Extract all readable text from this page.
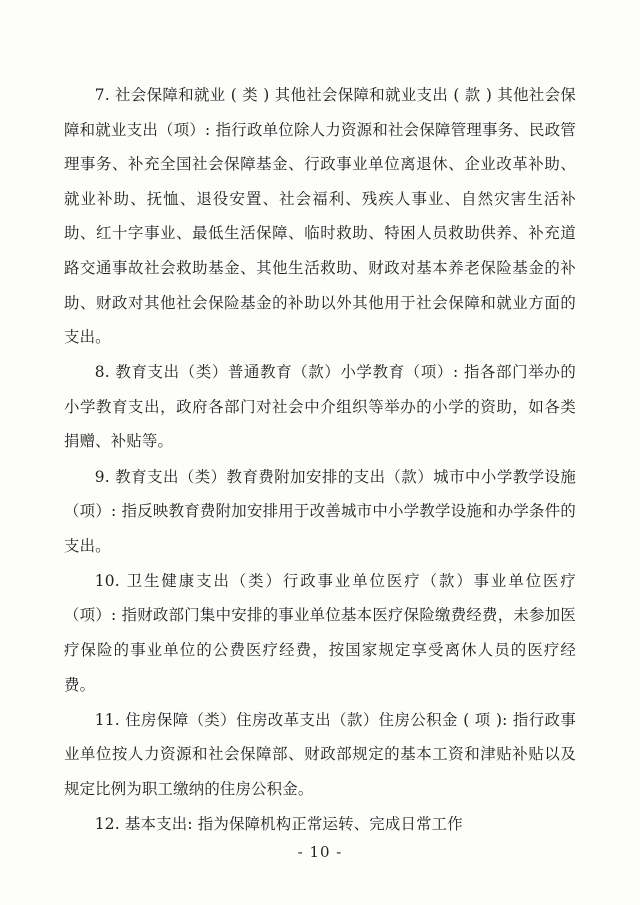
7. 社会保障和就业 ( 类 ) 其他社会保障和就业支出 ( 款 ) 其他社会保障和就业支出（项）: 指行政单位除人力资源和社会保障管理事务、民政管理事务、补充全国社会保障基金、行政事业单位离退休、企业改革补助、就业补助、抚恤、退役安置、社会福利、残疾人事业、自然灾害生活补助、红十字事业、最低生活保障、临时救助、特困人员救助供养、补充道路交通事故社会救助基金、其他生活救助、财政对基本养老保险基金的补助、财政对其他社会保险基金的补助以外其他用于社会保障和就业方面的支出。

8. 教育支出（类）普通教育（款）小学教育（项）: 指各部门举办的小学教育支出，政府各部门对社会中介组织等举办的小学的资助，如各类捐赠、补贴等。

9. 教育支出（类）教育费附加安排的支出（款）城市中小学教学设施（项）: 指反映教育费附加安排用于改善城市中小学教学设施和办学条件的支出。

10. 卫生健康支出（类）行政事业单位医疗（款）事业单位医疗（项）: 指财政部门集中安排的事业单位基本医疗保险缴费经费，未参加医疗保险的事业单位的公费医疗经费，按国家规定享受离休人员的医疗经费。

11. 住房保障（类）住房改革支出（款）住房公积金 ( 项 ): 指行政事业单位按人力资源和社会保障部、财政部规定的基本工资和津贴补贴以及规定比例为职工缴纳的住房公积金。

12. 基本支出: 指为保障机构正常运转、完成日常工作

- 10 -
